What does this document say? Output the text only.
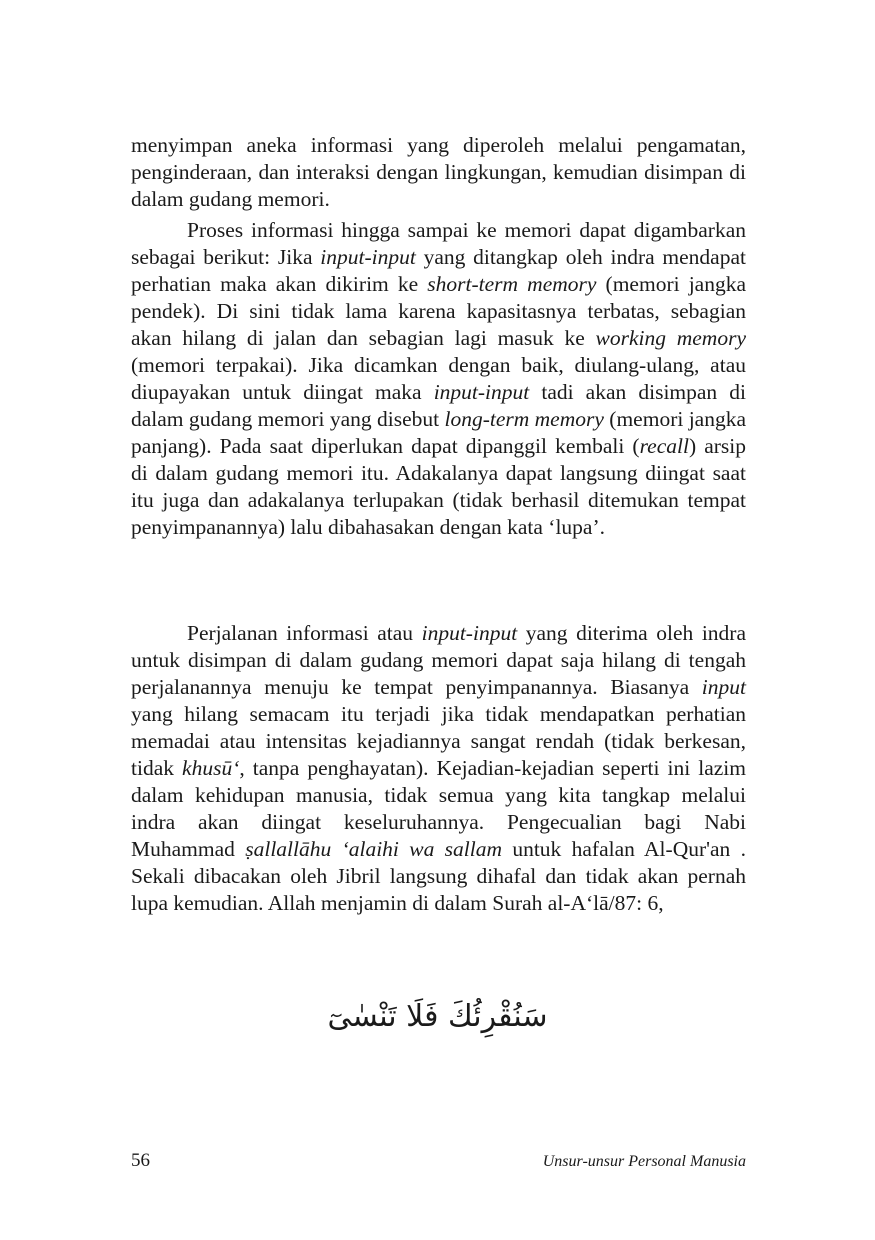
menyimpan aneka informasi yang diperoleh melalui pengamatan, penginderaan, dan interaksi dengan lingkungan, kemudian disimpan di dalam gudang memori.

Proses informasi hingga sampai ke memori dapat digambarkan sebagai berikut: Jika input-input yang ditangkap oleh indra mendapat perhatian maka akan dikirim ke short-term memory (memori jangka pendek). Di sini tidak lama karena kapasitasnya terbatas, sebagian akan hilang di jalan dan sebagian lagi masuk ke working memory (memori terpakai). Jika dicamkan dengan baik, diulang-ulang, atau diupayakan untuk diingat maka input-input tadi akan disimpan di dalam gudang memori yang disebut long-term memory (memori jangka panjang). Pada saat diperlukan dapat dipanggil kembali (recall) arsip di dalam gudang memori itu. Adakalanya dapat langsung diingat saat itu juga dan adakalanya terlupakan (tidak berhasil ditemukan tempat penyimpanannya) lalu dibahasakan dengan kata ‘lupa’.

Perjalanan informasi atau input-input yang diterima oleh indra untuk disimpan di dalam gudang memori dapat saja hilang di tengah perjalanannya menuju ke tempat penyimpanannya. Biasanya input yang hilang semacam itu terjadi jika tidak mendapatkan perhatian memadai atau intensitas kejadiannya sangat rendah (tidak berkesan, tidak khusū‘, tanpa penghayatan). Kejadian-kejadian seperti ini lazim dalam kehidupan manusia, tidak semua yang kita tangkap melalui indra akan diingat keseluruhannya. Pengecualian bagi Nabi Muhammad ṣallallāhu ‘alaihi wa sallam untuk hafalan Al-Qur'an . Sekali dibacakan oleh Jibril langsung dihafal dan tidak akan pernah lupa kemudian. Allah menjamin di dalam Surah al-A‘lā/87: 6,

سَنُقْرِئُكَ فَلَا تَنْسٰىٓ
56	Unsur-unsur Personal Manusia
